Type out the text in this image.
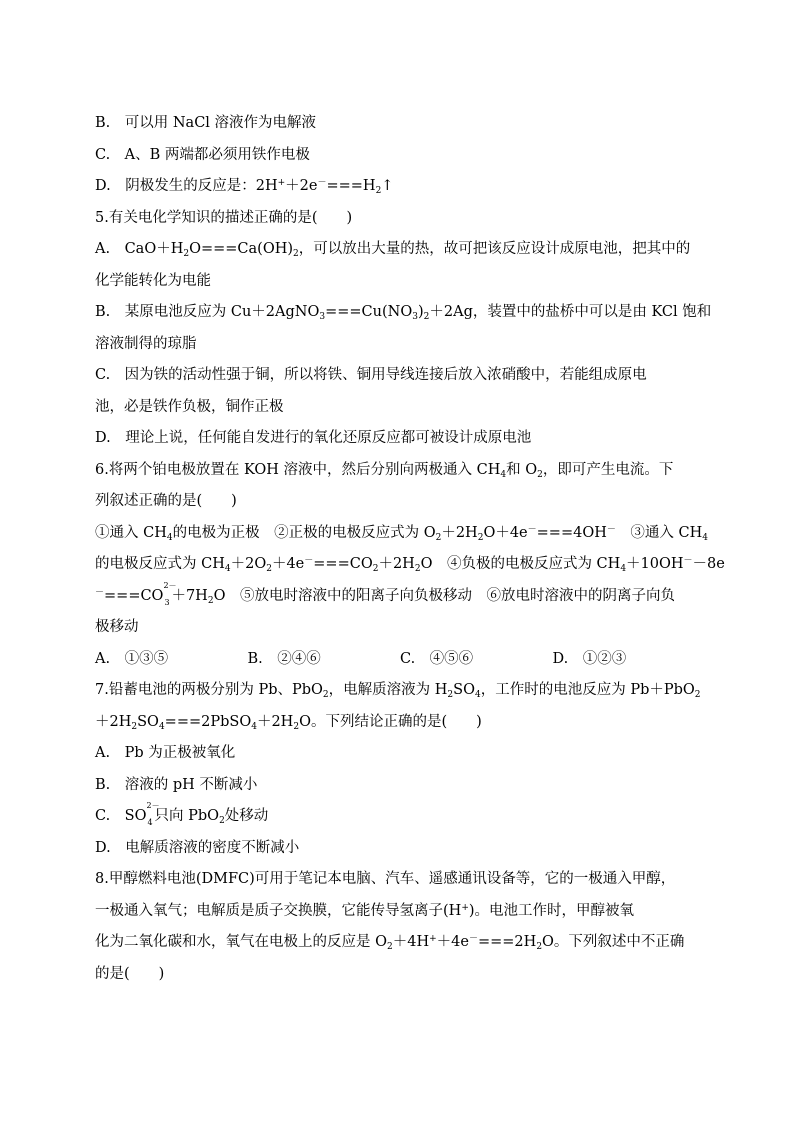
B.　可以用 NaCl 溶液作为电解液
C.　A、B 两端都必须用铁作电极
D.　阴极发生的反应是：$2H^++2e^-===H_2↑$
5.有关电化学知识的描述正确的是(　　)
A.　$CaO+H_2O===Ca(OH)_2$，可以放出大量的热，故可把该反应设计成原电池，把其中的
化学能转化为电能
B.　某原电池反应为 $Cu+2AgNO_3===Cu(NO_3)_2+2Ag$，装置中的盐桥中可以是由 KCl 饱和
溶液制得的琼脂
C.　因为铁的活动性强于铜，所以将铁、铜用导线连接后放入浓硝酸中，若能组成原电
池，必是铁作负极，铜作正极
D.　理论上说，任何能自发进行的氧化还原反应都可被设计成原电池
6.将两个铂电极放置在 KOH 溶液中，然后分别向两极通入 $CH_4$和 $O_2$，即可产生电流。下
列叙述正确的是(　　)
①通入 $CH_4$的电极为正极　②正极的电极反应式为 $O_2+2H_2O+4e^-===4OH^-$　③通入 $CH_4$
的电极反应式为 $CH_4+2O_2+4e^-===CO_2+2H_2O$　④负极的电极反应式为 $CH_4+10OH^--8e$
－===CO
2－
$3 +7H_2O$　⑤放电时溶液中的阳离子向负极移动　⑥放电时溶液中的阴离子向负
极移动
A.　①③⑤	B.　②④⑥	C.　④⑤⑥	D.　①②③
7.铅蓄电池的两极分别为 Pb、PbO$_2$，电解质溶液为 $H_2SO_4$，工作时的电池反应为 Pb＋PbO$_2$
$+2H_2SO_4===2PbSO_4+2H_2O$。下列结论正确的是(　　)
A.　Pb 为正极被氧化
B.　溶液的 pH 不断减小
C.　SO
2－
4 只向 PbO$_2$处移动
D.　电解质溶液的密度不断减小
8.甲醇燃料电池(DMFC)可用于笔记本电脑、汽车、遥感通讯设备等，它的一极通入甲醇，
一极通入氧气；电解质是质子交换膜，它能传导氢离子(H+)。电池工作时，甲醇被氧
化为二氧化碳和水，氧气在电极上的反应是 $O_2+4H^++4e^-===2H_2O$。下列叙述中不正确
的是(　　)
